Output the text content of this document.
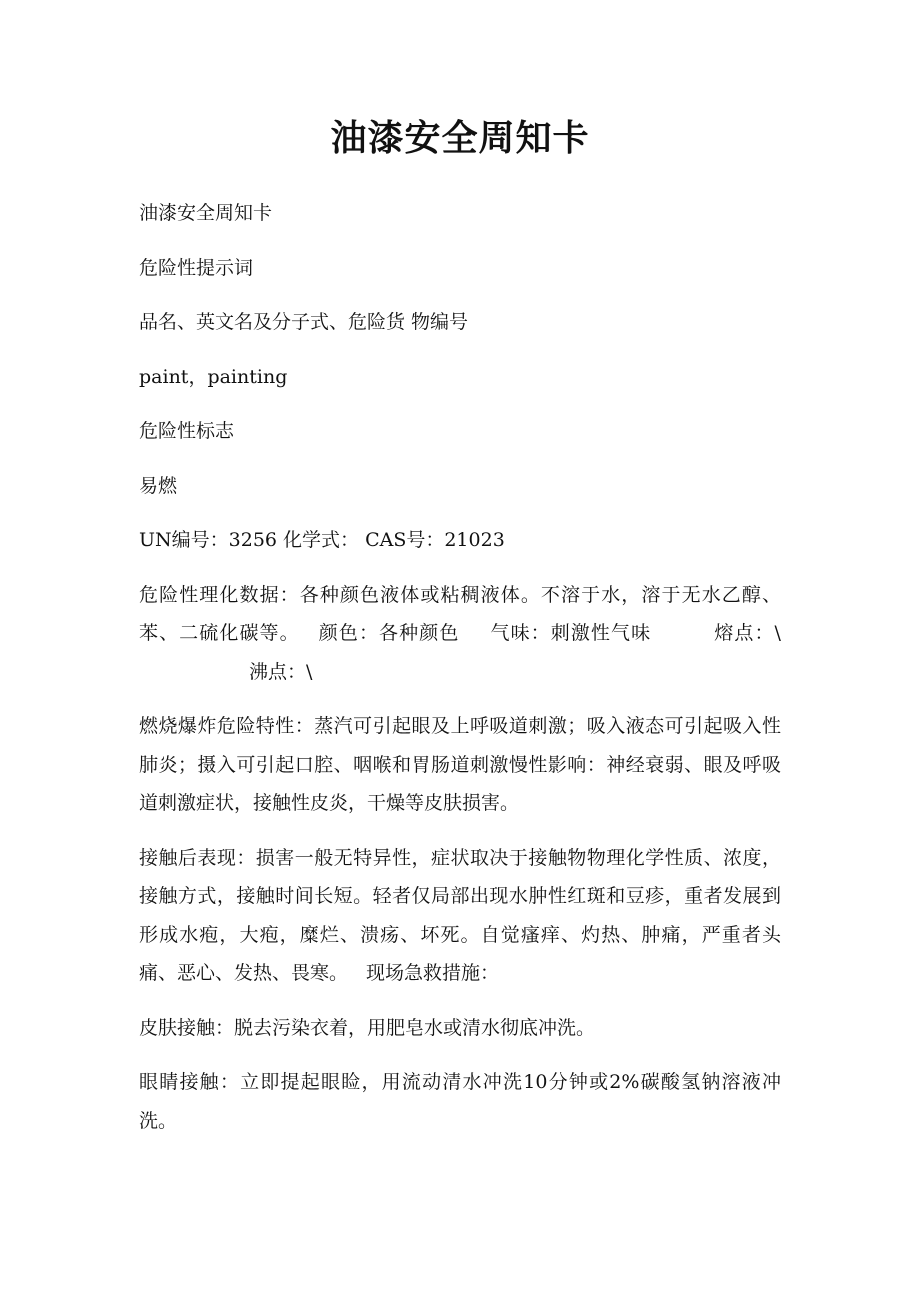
油漆安全周知卡

油漆安全周知卡

危险性提示词

品名、英文名及分子式、危险货 物编号

paint，painting

危险性标志

易燃

UN编号：3256 化学式： CAS号：21023

危险性理化数据：各种颜色液体或粘稠液体。不溶于水，溶于无水乙醇、苯、二硫化碳等。 颜色：各种颜色 气味：刺激性气味	熔点：\沸点：\

燃烧爆炸危险特性：蒸汽可引起眼及上呼吸道刺激；吸入液态可引起吸入性肺炎；摄入可引起口腔、咽喉和胃肠道刺激慢性影响：神经衰弱、眼及呼吸道刺激症状，接触性皮炎，干燥等皮肤损害。

接触后表现：损害一般无特异性，症状取决于接触物物理化学性质、浓度，接触方式，接触时间长短。轻者仅局部出现水肿性红斑和豆疹，重者发展到形成水疱，大疱，糜烂、溃疡、坏死。自觉瘙痒、灼热、肿痛，严重者头痛、恶心、发热、畏寒。 现场急救措施：

皮肤接触：脱去污染衣着，用肥皂水或清水彻底冲洗。

眼睛接触：立即提起眼睑，用流动清水冲洗10分钟或2%碳酸氢钠溶液冲洗。
